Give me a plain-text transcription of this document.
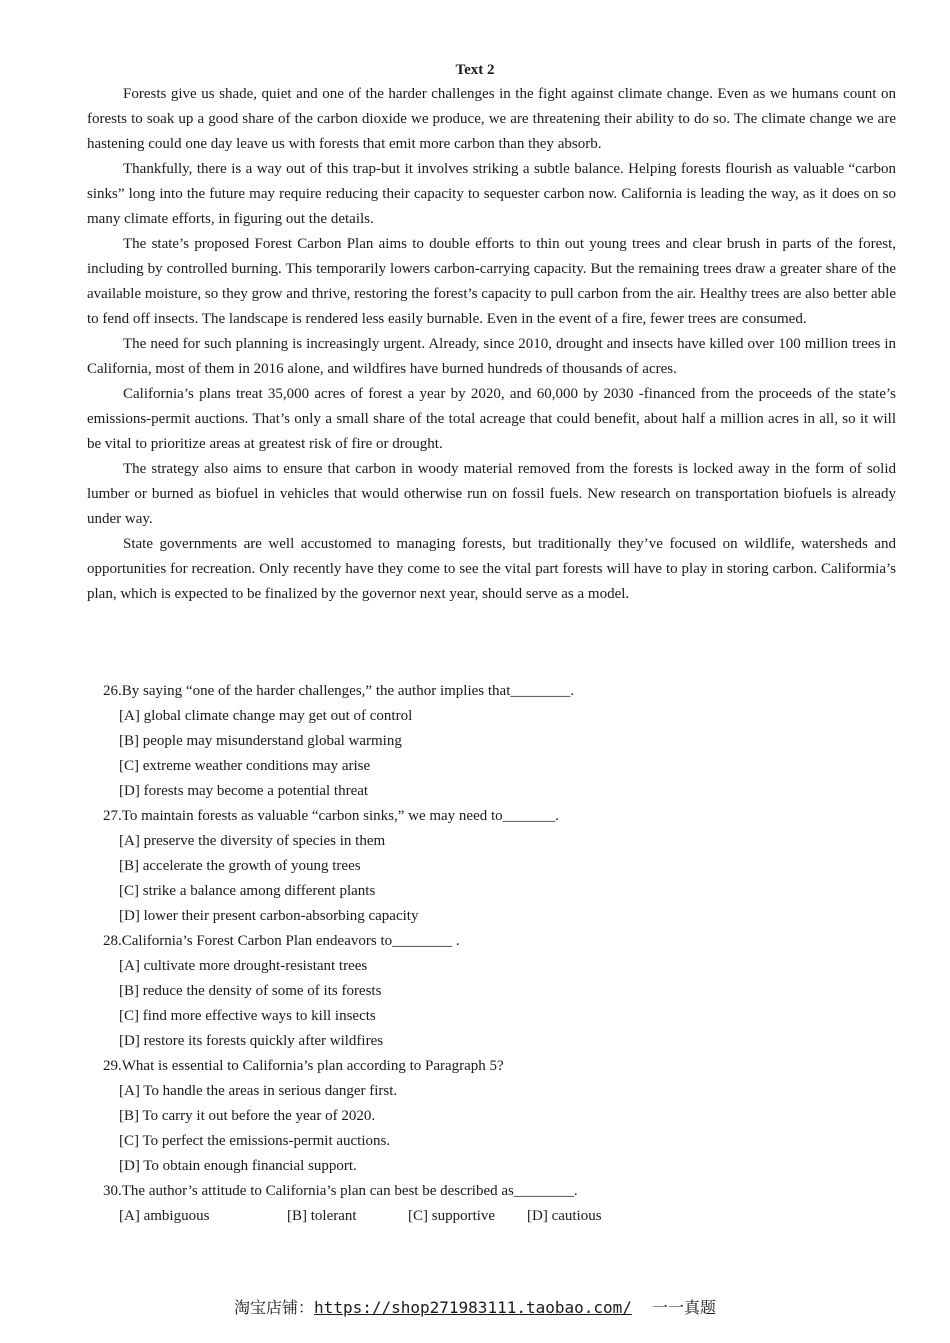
Text 2

Forests give us shade, quiet and one of the harder challenges in the fight against climate change. Even as we humans count on forests to soak up a good share of the carbon dioxide we produce, we are threatening their ability to do so. The climate change we are hastening could one day leave us with forests that emit more carbon than they absorb.

Thankfully, there is a way out of this trap-but it involves striking a subtle balance. Helping forests flourish as valuable “carbon sinks” long into the future may require reducing their capacity to sequester carbon now. California is leading the way, as it does on so many climate efforts, in figuring out the details.

The state’s proposed Forest Carbon Plan aims to double efforts to thin out young trees and clear brush in parts of the forest, including by controlled burning. This temporarily lowers carbon-carrying capacity. But the remaining trees draw a greater share of the available moisture, so they grow and thrive, restoring the forest’s capacity to pull carbon from the air. Healthy trees are also better able to fend off insects. The landscape is rendered less easily burnable. Even in the event of a fire, fewer trees are consumed.

The need for such planning is increasingly urgent. Already, since 2010, drought and insects have killed over 100 million trees in California, most of them in 2016 alone, and wildfires have burned hundreds of thousands of acres.

California’s plans treat 35,000 acres of forest a year by 2020, and 60,000 by 2030 -financed from the proceeds of the state’s emissions-permit auctions. That’s only a small share of the total acreage that could benefit, about half a million acres in all, so it will be vital to prioritize areas at greatest risk of fire or drought.

The strategy also aims to ensure that carbon in woody material removed from the forests is locked away in the form of solid lumber or burned as biofuel in vehicles that would otherwise run on fossil fuels. New research on transportation biofuels is already under way.

State governments are well accustomed to managing forests, but traditionally they’ve focused on wildlife, watersheds and opportunities for recreation. Only recently have they come to see the vital part forests will have to play in storing carbon. Califormia’s plan, which is expected to be finalized by the governor next year, should serve as a model.

26.By saying “one of the harder challenges,” the author implies that________.
[A] global climate change may get out of control
[B] people may misunderstand global warming
[C] extreme weather conditions may arise
[D] forests may become a potential threat
27.To maintain forests as valuable “carbon sinks,” we may need to_______.
[A] preserve the diversity of species in them
[B] accelerate the growth of young trees
[C] strike a balance among different plants
[D] lower their present carbon-absorbing capacity
28.California’s Forest Carbon Plan endeavors to________ .
[A] cultivate more drought-resistant trees
[B] reduce the density of some of its forests
[C] find more effective ways to kill insects
[D] restore its forests quickly after wildfires
29.What is essential to California’s plan according to Paragraph 5?
[A] To handle the areas in serious danger first.
[B] To carry it out before the year of 2020.
[C] To perfect the emissions-permit auctions.
[D] To obtain enough financial support.
30.The author’s attitude to California’s plan can best be described as________.
[A] ambiguous	[B] tolerant	[C] supportive	[D] cautious
淘宝店铺：https://shop271983111.taobao.com/ 一一真题
